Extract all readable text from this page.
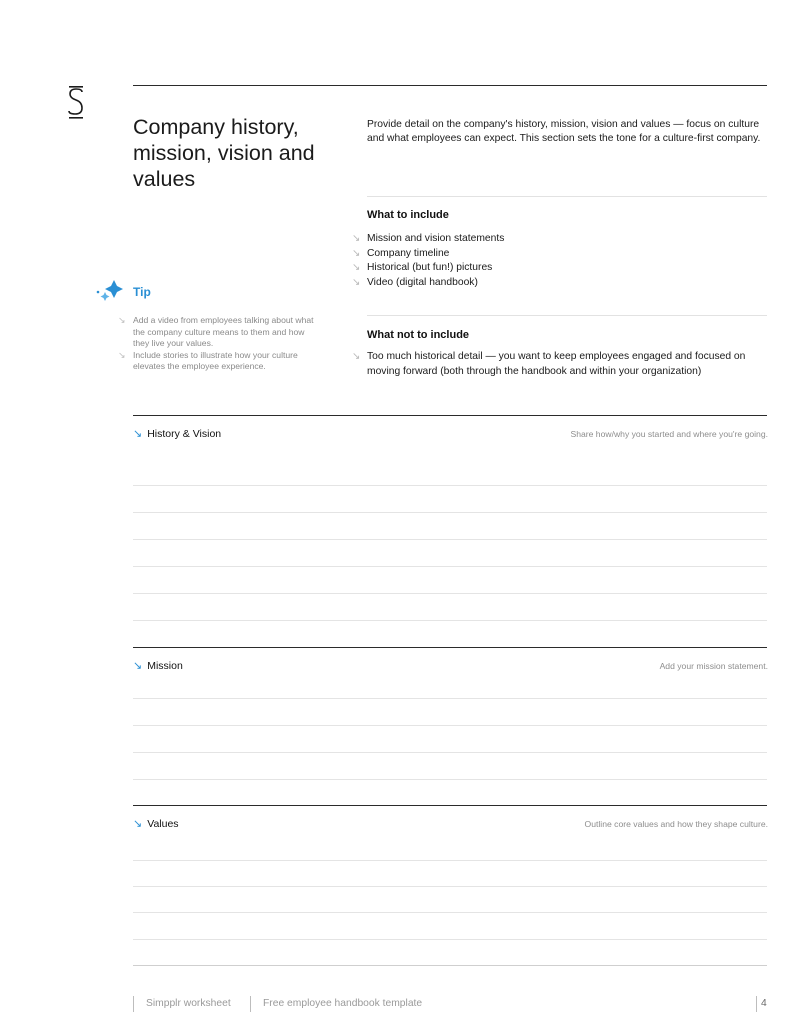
Company history, mission, vision and values
Provide detail on the company's history, mission, vision and values — focus on culture and what employees can expect. This section sets the tone for a culture-first company.
What to include
↘ Mission and vision statements
↘ Company timeline
↘ Historical (but fun!) pictures
↘ Video (digital handbook)
What not to include
↘ Too much historical detail — you want to keep employees engaged and focused on moving forward (both through the handbook and within your organization)
Tip
↘ Add a video from employees talking about what the company culture means to them and how they live your values.
↘ Include stories to illustrate how your culture elevates the employee experience.
↘ History & Vision	Share how/why you started and where you're going.
↘ Mission	Add your mission statement.
↘ Values	Outline core values and how they shape culture.
Simpplr worksheet	Free employee handbook template	4
